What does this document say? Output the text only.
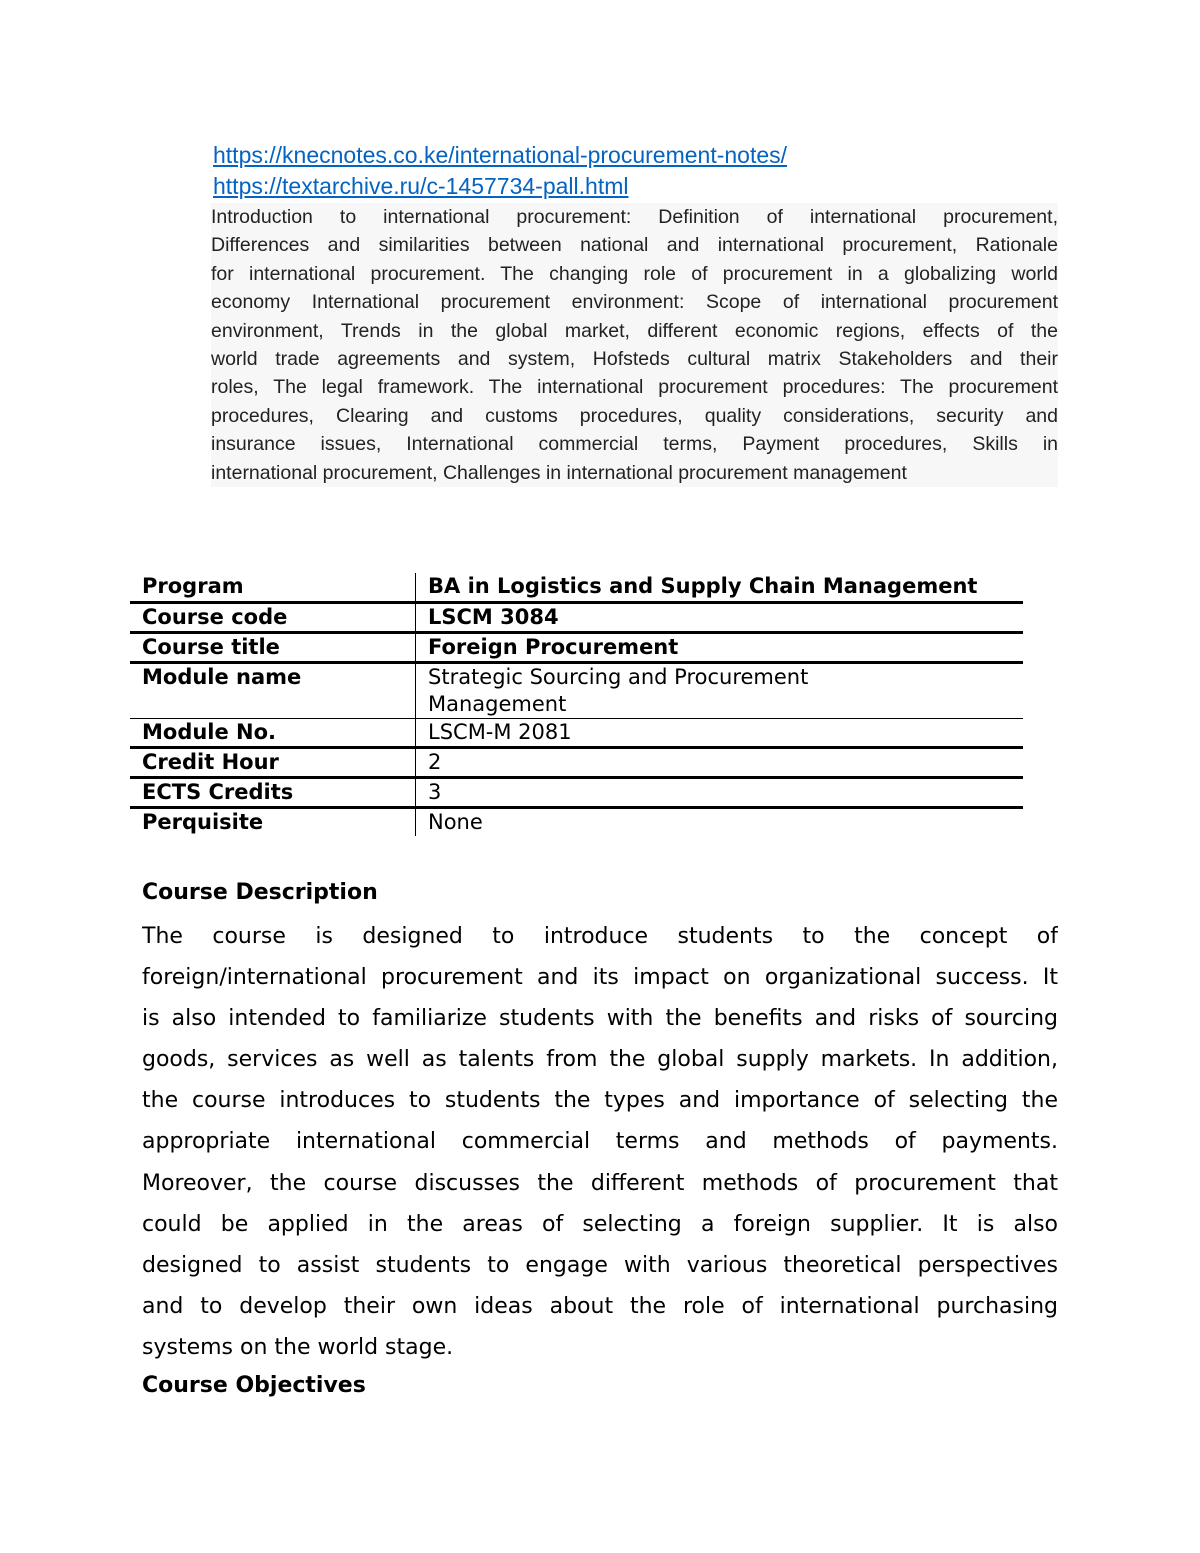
https://knecnotes.co.ke/international-procurement-notes/
https://textarchive.ru/c-1457734-pall.html
Introduction to international procurement: Definition of international procurement,
Differences and similarities between national and international procurement, Rationale
for international procurement. The changing role of procurement in a globalizing world
economy International procurement environment: Scope of international procurement
environment, Trends in the global market, different economic regions, effects of the
world trade agreements and system, Hofsteds cultural matrix Stakeholders and their
roles, The legal framework. The international procurement procedures: The procurement
procedures, Clearing and customs procedures, quality considerations, security and
insurance issues, International commercial terms, Payment procedures, Skills in
international procurement, Challenges in international procurement management
Program	BA in Logistics and Supply Chain Management
Course code	LSCM 3084
Course title	Foreign Procurement
Module name	Strategic Sourcing and Procurement Management
Module No.	LSCM-M 2081
Credit Hour	2
ECTS Credits	3
Perquisite	None
Course Description
The course is designed to introduce students to the concept of
foreign/international procurement and its impact on organizational success. It
is also intended to familiarize students with the benefits and risks of sourcing
goods, services as well as talents from the global supply markets. In addition,
the course introduces to students the types and importance of selecting the
appropriate international commercial terms and methods of payments.
Moreover, the course discusses the different methods of procurement that
could be applied in the areas of selecting a foreign supplier. It is also
designed to assist students to engage with various theoretical perspectives
and to develop their own ideas about the role of international purchasing
systems on the world stage.
Course Objectives
